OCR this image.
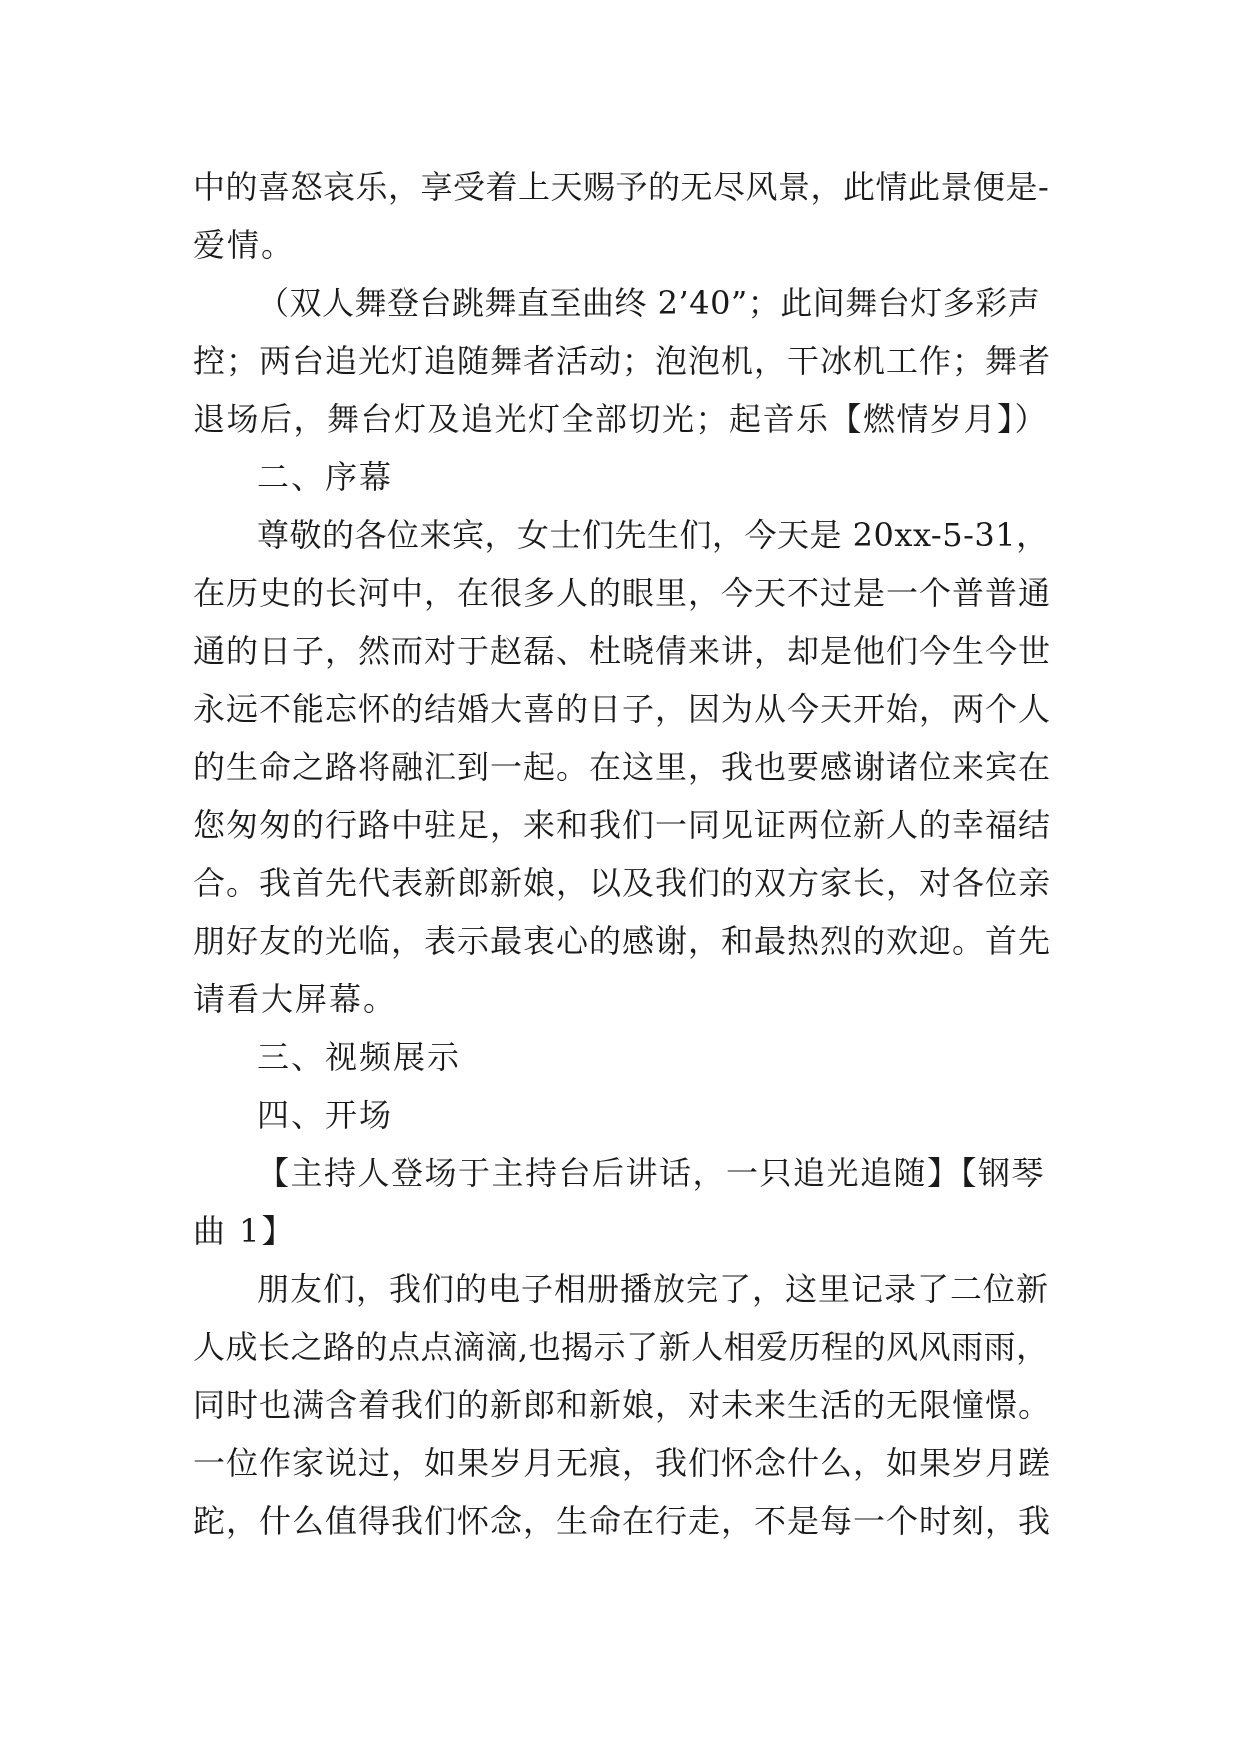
中的喜怒哀乐，享受着上天赐予的无尽风景，此情此景便是-
爱情。
（双人舞登台跳舞直至曲终 2’40”；此间舞台灯多彩声
控；两台追光灯追随舞者活动；泡泡机，干冰机工作；舞者
退场后，舞台灯及追光灯全部切光；起音乐【燃情岁月】）
二、序幕
尊敬的各位来宾，女士们先生们，今天是 20xx-5-31，
在历史的长河中，在很多人的眼里，今天不过是一个普普通
通的日子，然而对于赵磊、杜晓倩来讲，却是他们今生今世
永远不能忘怀的结婚大喜的日子，因为从今天开始，两个人
的生命之路将融汇到一起。在这里，我也要感谢诸位来宾在
您匆匆的行路中驻足，来和我们一同见证两位新人的幸福结
合。我首先代表新郎新娘，以及我们的双方家长，对各位亲
朋好友的光临，表示最衷心的感谢，和最热烈的欢迎。首先
请看大屏幕。
三、视频展示
四、开场
【主持人登场于主持台后讲话，一只追光追随】【钢琴
曲 1】
朋友们，我们的电子相册播放完了，这里记录了二位新
人成长之路的点点滴滴,也揭示了新人相爱历程的风风雨雨，
同时也满含着我们的新郎和新娘，对未来生活的无限憧憬。
一位作家说过，如果岁月无痕，我们怀念什么，如果岁月蹉
跎，什么值得我们怀念，生命在行走，不是每一个时刻，我
